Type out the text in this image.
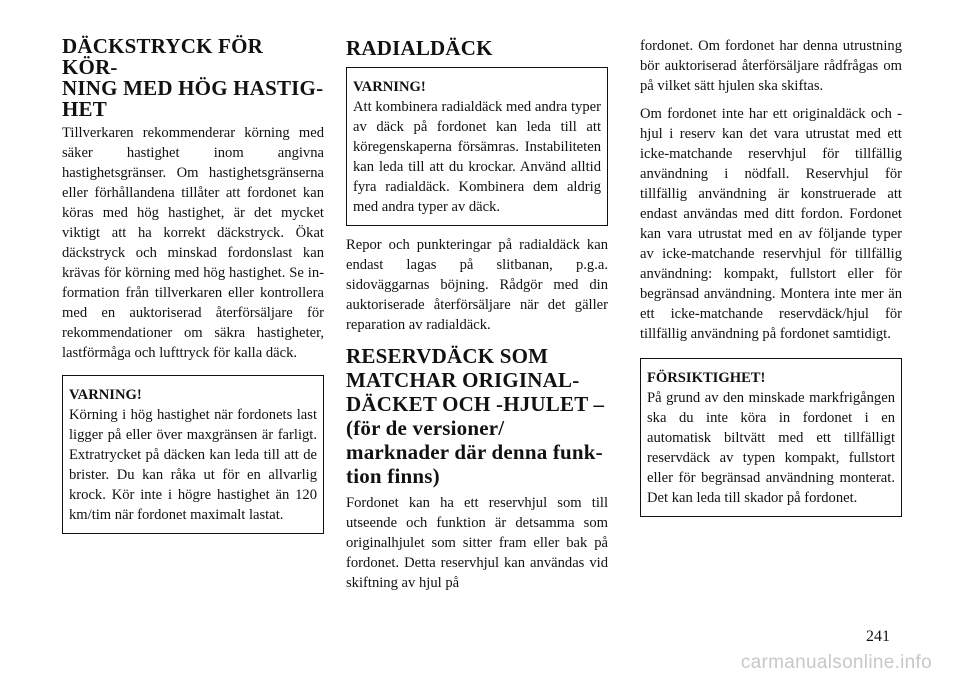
DÄCKSTRYCK FÖR KÖR-
NING MED HÖG HASTIG-
HET

Tillverkaren rekommenderar körning med säker hastighet inom angivna hastighetsgränser. Om hastighetsgränserna eller förhållandena tillåter att fordonet kan köras med hög hastighet, är det mycket viktigt att ha korrekt däckstryck. Ökat däckstryck och minskad fordonslast kan krävas för körning med hög hastighet. Se information från tillverkaren eller kontrollera med en auktoriserad återförsäljare för rekommendationer om säkra hastigheter, lastförmåga och lufttryck för kalla däck.

VARNING!

Körning i hög hastighet när fordonets last ligger på eller över maxgränsen är farligt. Extratrycket på däcken kan leda till att de brister. Du kan råka ut för en allvarlig krock. Kör inte i högre hastighet än 120 km/tim när fordonet maximalt lastat.

RADIALDÄCK
VARNING!

Att kombinera radialdäck med andra typer av däck på fordonet kan leda till att köregenskaperna försämras. Instabiliteten kan leda till att du krockar. Använd alltid fyra radialdäck. Kombinera dem aldrig med andra typer av däck.

Repor och punkteringar på radialdäck kan endast lagas på slitbanan, p.g.a. sidoväggarnas böjning. Rådgör med din auktoriserade återförsäljare när det gäller reparation av radialdäck.

RESERVDÄCK SOM
MATCHAR ORIGINAL-
DÄCKET OCH -HJULET –
(för de versioner/
marknader där denna funk-
tion finns)

Fordonet kan ha ett reservhjul som till utseende och funktion är detsamma som originalhjulet som sitter fram eller bak på fordonet. Detta reservhjul kan användas vid skiftning av hjul på

fordonet. Om fordonet har denna utrustning bör auktoriserad återförsäljare rådfrågas om på vilket sätt hjulen ska skiftas.

Om fordonet inte har ett originaldäck och -hjul i reserv kan det vara utrustat med ett icke-matchande reservhjul för tillfällig användning i nödfall. Reservhjul för tillfällig användning är konstruerade att endast användas med ditt fordon. Fordonet kan vara utrustat med en av följande typer av icke-matchande reservhjul för tillfällig användning: kompakt, fullstort eller för begränsad användning. Montera inte mer än ett icke-matchande reservdäck/hjul för tillfällig användning på fordonet samtidigt.

FÖRSIKTIGHET!

På grund av den minskade markfrigången ska du inte köra in fordonet i en automatisk biltvätt med ett tillfälligt reservdäck av typen kompakt, fullstort eller för begränsad användning monterat. Det kan leda till skador på fordonet.

241
carmanualsonline.info
